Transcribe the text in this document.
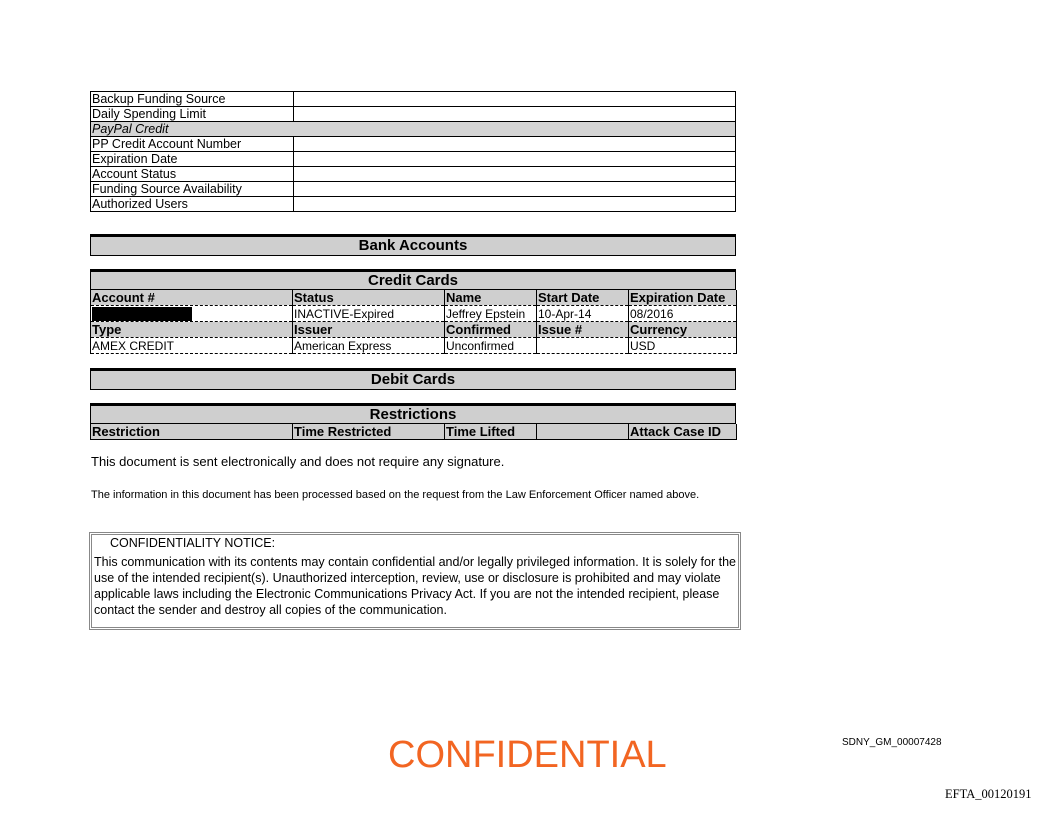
Backup Funding Source	
Daily Spending Limit	
PayPal Credit	
PP Credit Account Number	
Expiration Date	
Account Status	
Funding Source Availability	
Authorized Users	
Bank Accounts
Credit Cards
Account #	Status	Name	Start Date	Expiration Date
	INACTIVE-Expired	Jeffrey Epstein	10-Apr-14	08/2016
Type	Issuer	Confirmed	Issue #	Currency
AMEX CREDIT	American Express	Unconfirmed		USD
Debit Cards
Restrictions
Restriction	Time Restricted	Time Lifted		Attack Case ID
This document is sent electronically and does not require any signature.
The information in this document has been processed based on the request from the Law Enforcement Officer named above.
CONFIDENTIALITY NOTICE:
This communication with its contents may contain confidential and/or legally privileged information. It is solely for the use of the intended recipient(s). Unauthorized interception, review, use or disclosure is prohibited and may violate applicable laws including the Electronic Communications Privacy Act. If you are not the intended recipient, please contact the sender and destroy all copies of the communication.
CONFIDENTIAL	SDNY_GM_00007428
EFTA_00120191
